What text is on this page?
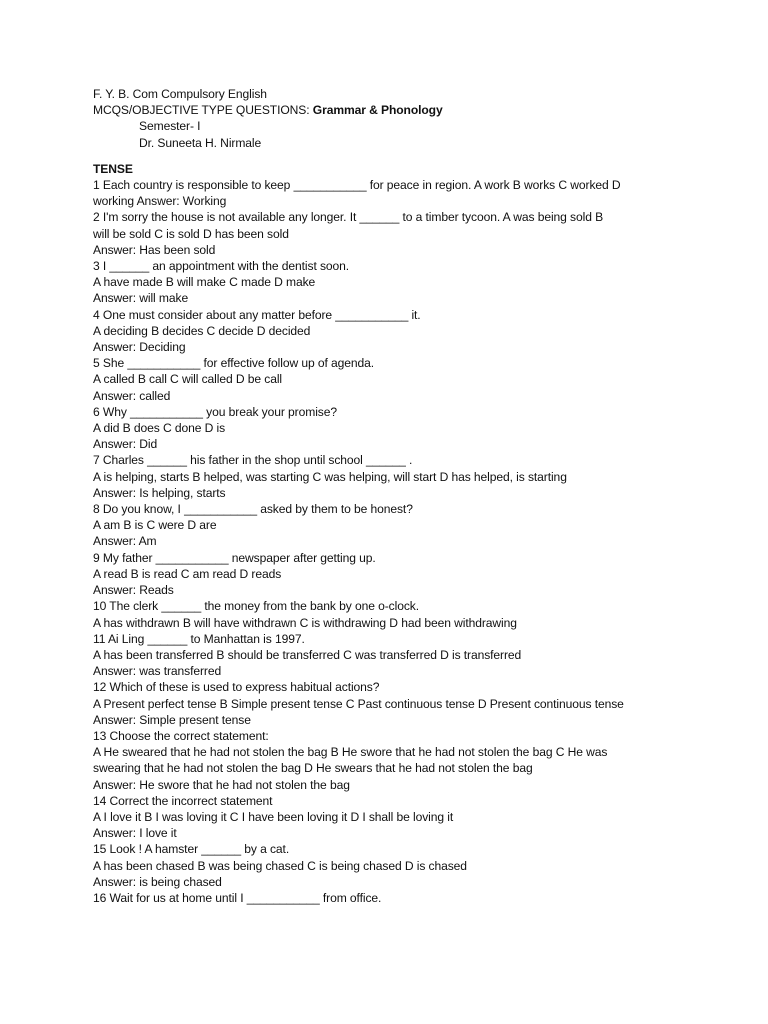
F. Y. B. Com Compulsory English
MCQS/OBJECTIVE TYPE QUESTIONS: Grammar & Phonology
Semester- I
Dr. Suneeta H. Nirmale
TENSE
1 Each country is responsible to keep ___________ for peace in region. A work B works C worked D
working Answer: Working
2 I'm sorry the house is not available any longer. It ______ to a timber tycoon. A was being sold B
will be sold C is sold D has been sold
Answer: Has been sold
3 I ______ an appointment with the dentist soon.
A have made B will make C made D make
Answer: will make
4 One must consider about any matter before ___________ it.
A deciding B decides C decide D decided
Answer: Deciding
5 She ___________ for effective follow up of agenda.
A called B call C will called D be call
Answer: called
6 Why ___________ you break your promise?
A did B does C done D is
Answer: Did
7 Charles ______ his father in the shop until school ______ .
A is helping, starts B helped, was starting C was helping, will start D has helped, is starting
Answer: Is helping, starts
8 Do you know, I ___________ asked by them to be honest?
A am B is C were D are
Answer: Am
9 My father ___________ newspaper after getting up.
A read B is read C am read D reads
Answer: Reads
10 The clerk ______ the money from the bank by one o-clock.
A has withdrawn B will have withdrawn C is withdrawing D had been withdrawing
11 Ai Ling ______ to Manhattan is 1997.
A has been transferred B should be transferred C was transferred D is transferred
Answer: was transferred
12 Which of these is used to express habitual actions?
A Present perfect tense B Simple present tense C Past continuous tense D Present continuous tense
Answer: Simple present tense
13 Choose the correct statement:
A He sweared that he had not stolen the bag B He swore that he had not stolen the bag C He was
swearing that he had not stolen the bag D He swears that he had not stolen the bag
Answer: He swore that he had not stolen the bag
14 Correct the incorrect statement
A I love it B I was loving it C I have been loving it D I shall be loving it
Answer: I love it
15 Look ! A hamster ______ by a cat.
A has been chased B was being chased C is being chased D is chased
Answer: is being chased
16 Wait for us at home until I ___________ from office.
